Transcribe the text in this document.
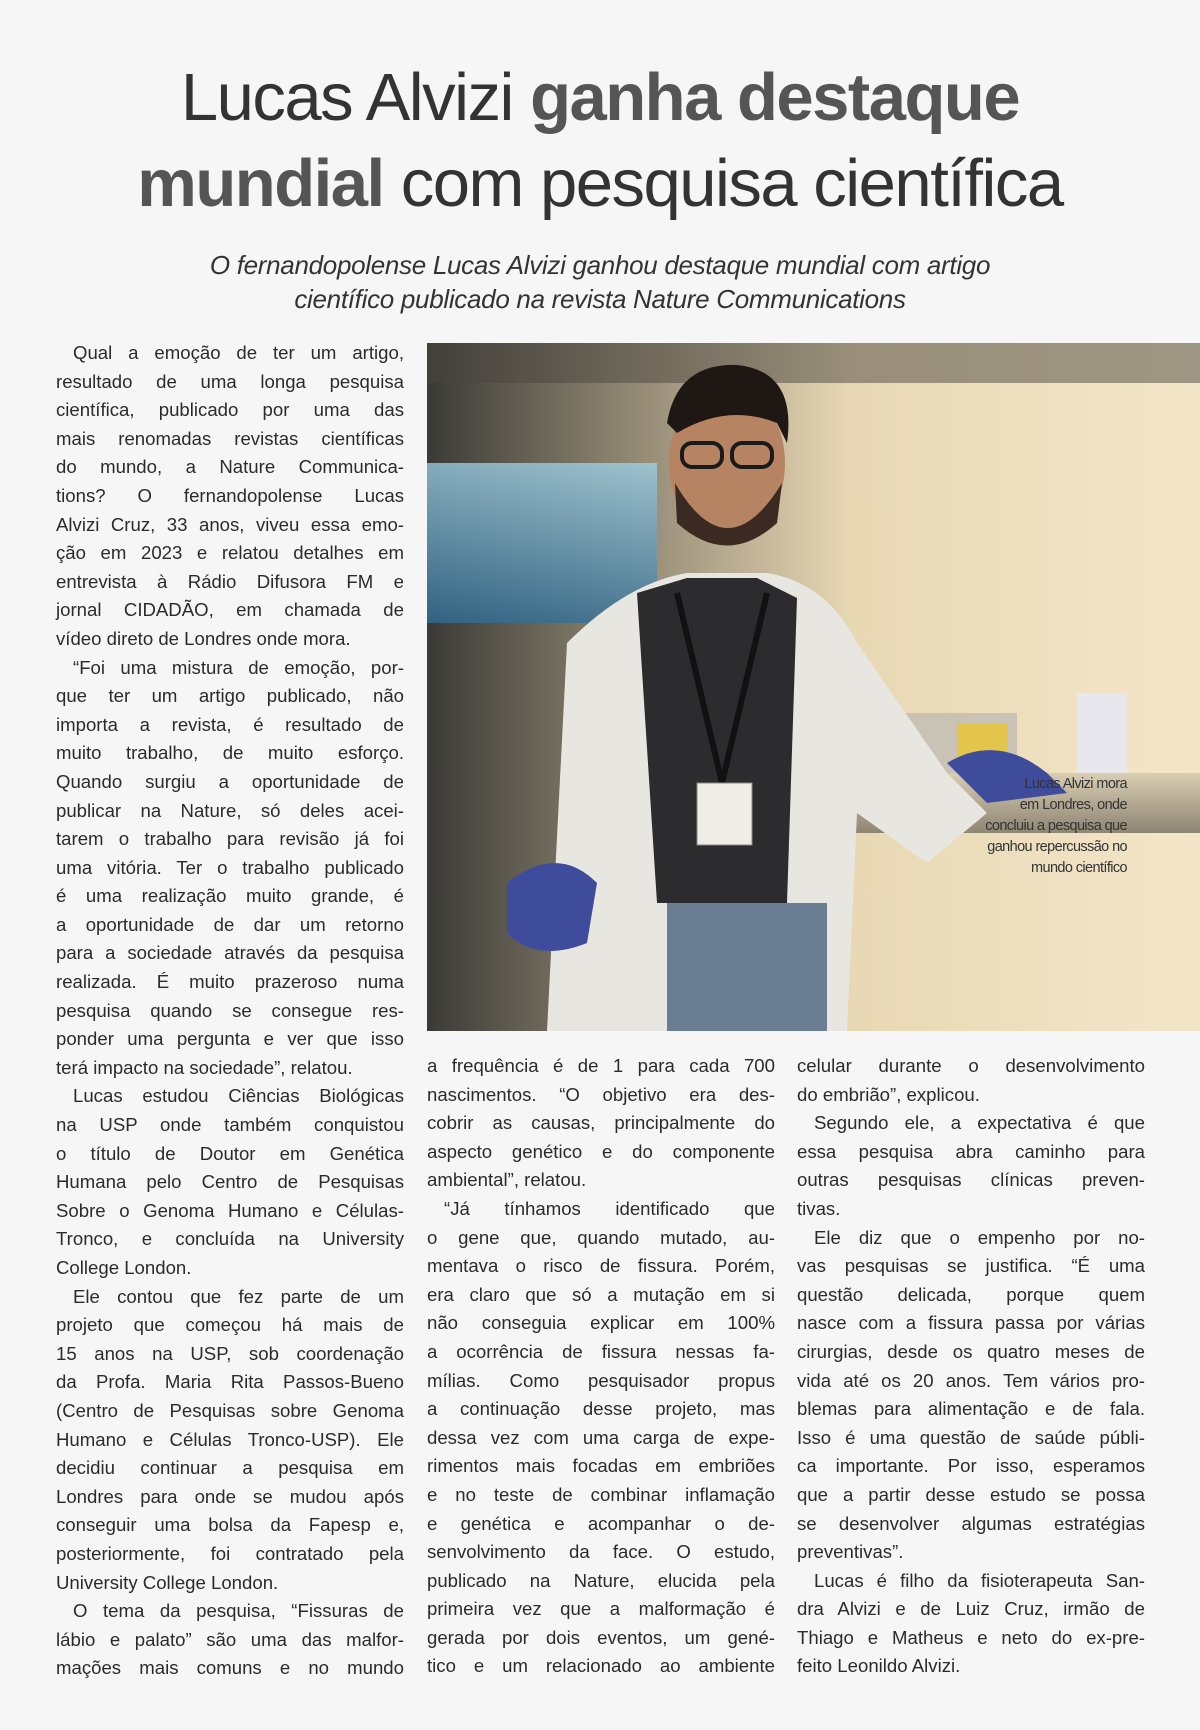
Lucas Alvizi ganha destaque
mundial com pesquisa científica
O fernandopolense Lucas Alvizi ganhou destaque mundial com artigo
científico publicado na revista Nature Communications
Lucas Alvizi mora
em Londres, onde
concluiu a pesquisa que
ganhou repercussão no
mundo científico
Qual a emoção de ter um artigo,
resultado de uma longa pesquisa
científica, publicado por uma das
mais renomadas revistas científicas
do mundo, a Nature Communica-
tions? O fernandopolense Lucas
Alvizi Cruz, 33 anos, viveu essa emo-
ção em 2023 e relatou detalhes em
entrevista à Rádio Difusora FM e
jornal CIDADÃO, em chamada de
vídeo direto de Londres onde mora.
“Foi uma mistura de emoção, por-
que ter um artigo publicado, não
importa a revista, é resultado de
muito trabalho, de muito esforço.
Quando surgiu a oportunidade de
publicar na Nature, só deles acei-
tarem o trabalho para revisão já foi
uma vitória. Ter o trabalho publicado
é uma realização muito grande, é
a oportunidade de dar um retorno
para a sociedade através da pesquisa
realizada. É muito prazeroso numa
pesquisa quando se consegue res-
ponder uma pergunta e ver que isso
terá impacto na sociedade”, relatou.
Lucas estudou Ciências Biológicas
na USP onde também conquistou
o título de Doutor em Genética
Humana pelo Centro de Pesquisas
Sobre o Genoma Humano e Células-
Tronco, e concluída na University
College London.
Ele contou que fez parte de um
projeto que começou há mais de
15 anos na USP, sob coordenação
da Profa. Maria Rita Passos-Bueno
(Centro de Pesquisas sobre Genoma
Humano e Células Tronco-USP). Ele
decidiu continuar a pesquisa em
Londres para onde se mudou após
conseguir uma bolsa da Fapesp e,
posteriormente, foi contratado pela
University College London.
O tema da pesquisa, “Fissuras de
lábio e palato” são uma das malfor-
mações mais comuns e no mundo
a frequência é de 1 para cada 700
nascimentos. “O objetivo era des-
cobrir as causas, principalmente do
aspecto genético e do componente
ambiental”, relatou.
“Já tínhamos identificado que
o gene que, quando mutado, au-
mentava o risco de fissura. Porém,
era claro que só a mutação em si
não conseguia explicar em 100%
a ocorrência de fissura nessas fa-
mílias. Como pesquisador propus
a continuação desse projeto, mas
dessa vez com uma carga de expe-
rimentos mais focadas em embriões
e no teste de combinar inflamação
e genética e acompanhar o de-
senvolvimento da face. O estudo,
publicado na Nature, elucida pela
primeira vez que a malformação é
gerada por dois eventos, um gené-
tico e um relacionado ao ambiente
celular durante o desenvolvimento
do embrião”, explicou.
Segundo ele, a expectativa é que
essa pesquisa abra caminho para
outras pesquisas clínicas preven-
tivas.
Ele diz que o empenho por no-
vas pesquisas se justifica. “É uma
questão delicada, porque quem
nasce com a fissura passa por várias
cirurgias, desde os quatro meses de
vida até os 20 anos. Tem vários pro-
blemas para alimentação e de fala.
Isso é uma questão de saúde públi-
ca importante. Por isso, esperamos
que a partir desse estudo se possa
se desenvolver algumas estratégias
preventivas”.
Lucas é filho da fisioterapeuta San-
dra Alvizi e de Luiz Cruz, irmão de
Thiago e Matheus e neto do ex-pre-
feito Leonildo Alvizi.
